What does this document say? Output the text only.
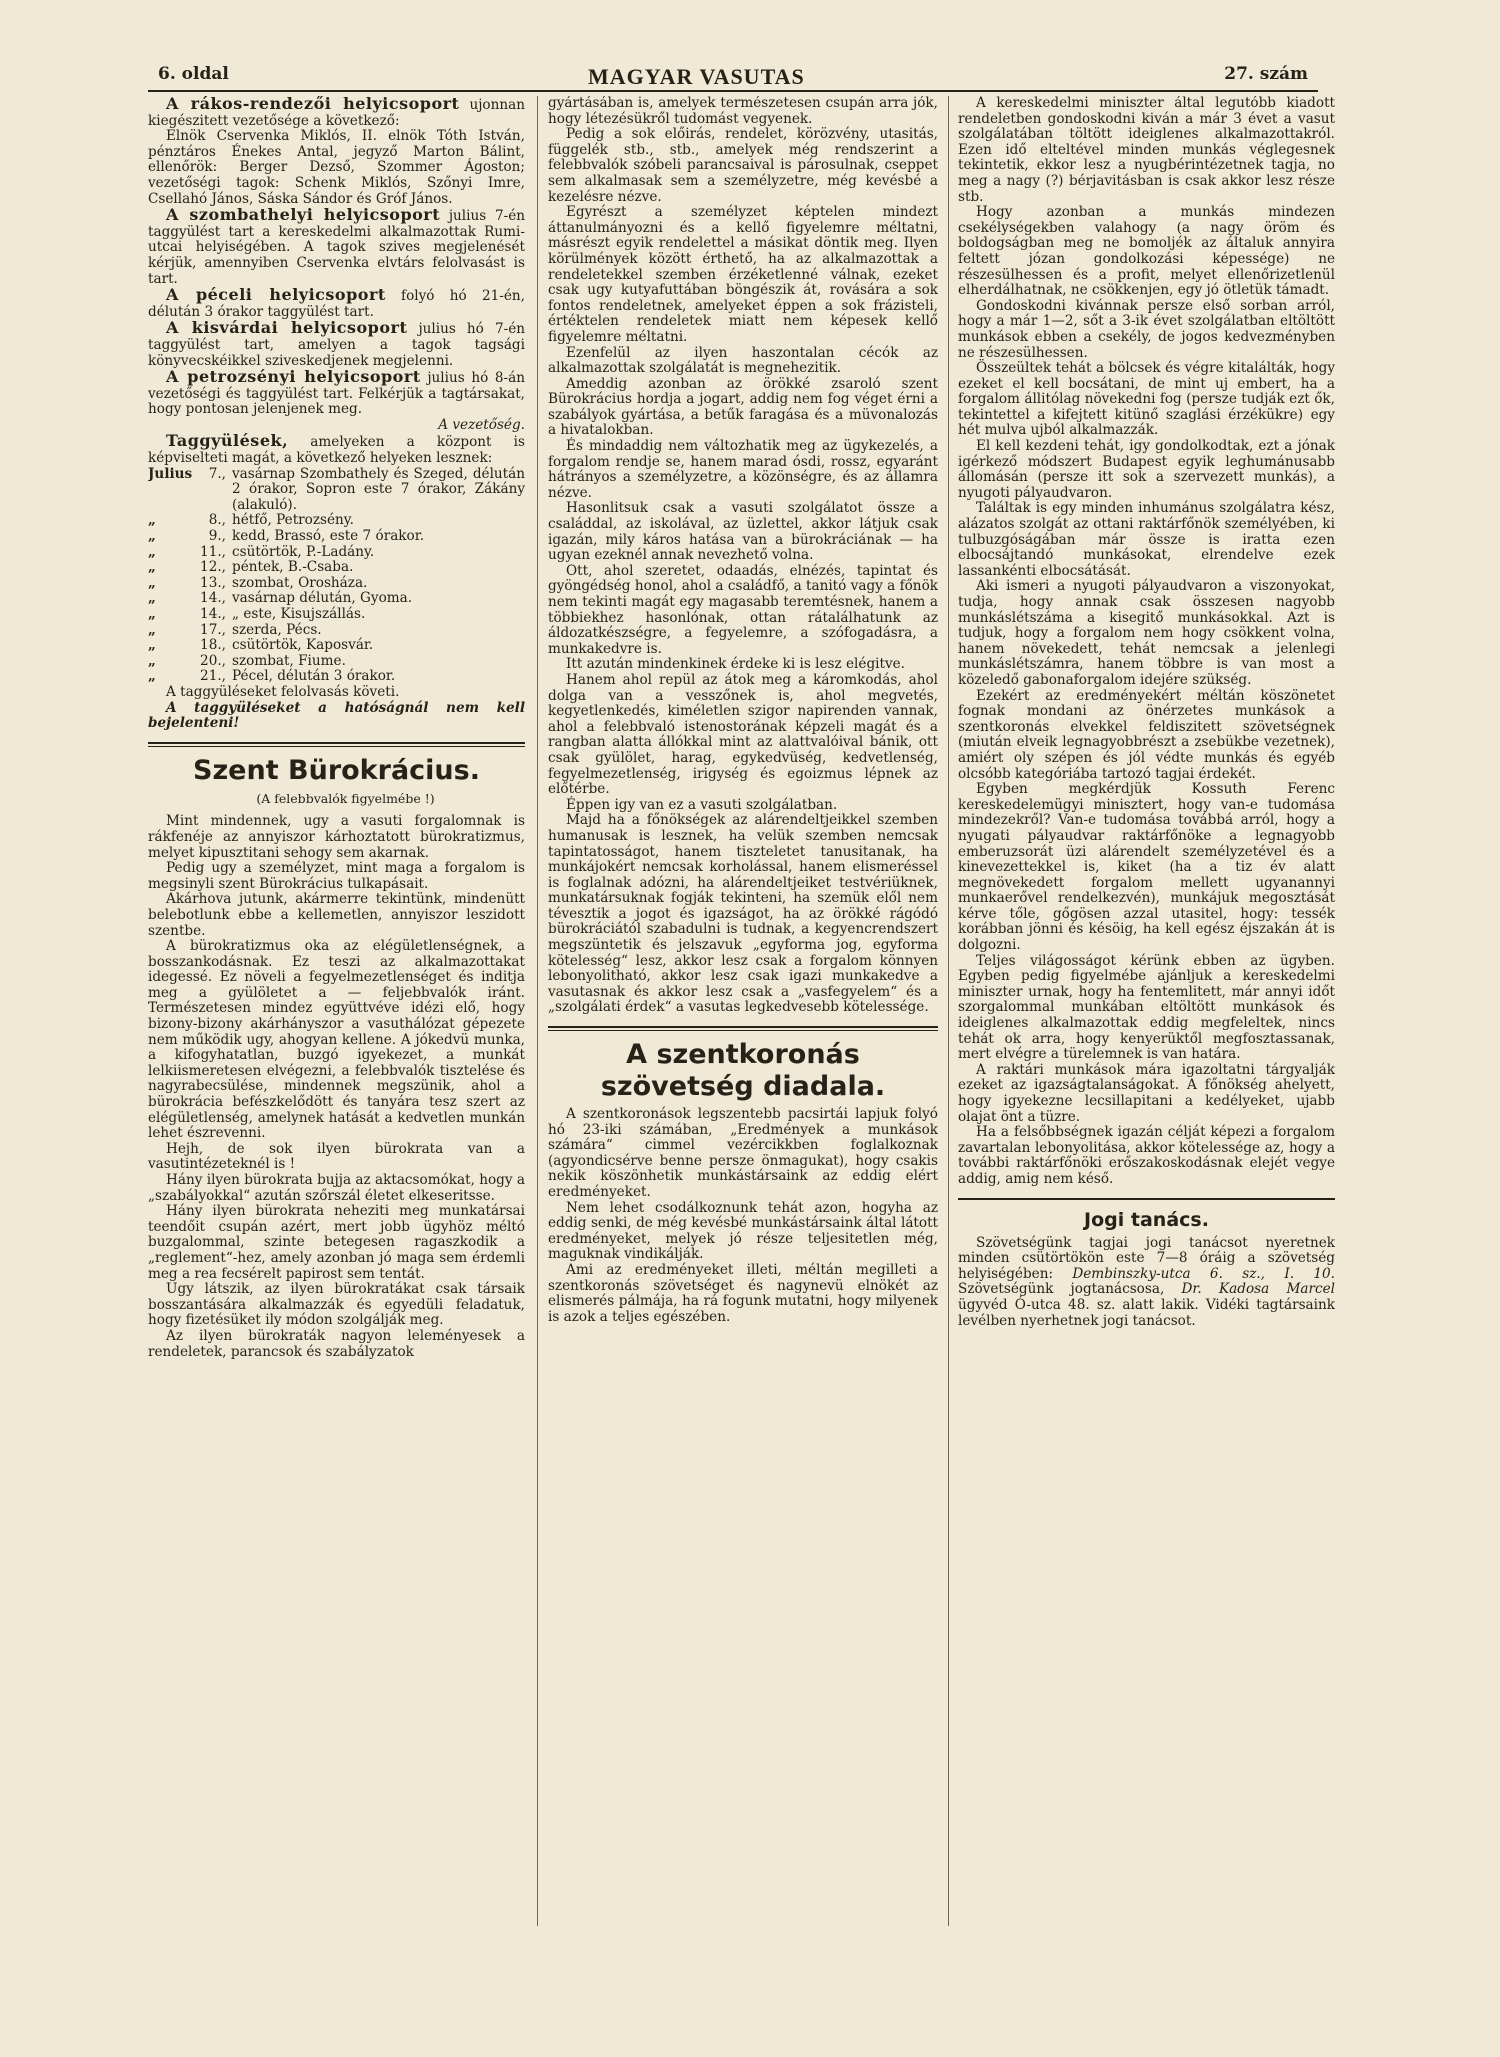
6. oldal	MAGYAR VASUTAS	27. szám

A rákos-rendezői helyicsoport ujonnan kiegészitett vezetősége a következő:

Elnök Cservenka Miklós, II. elnök Tóth István, pénztáros Énekes Antal, jegyző Marton Bálint, ellenőrök: Berger Dezső, Szommer Ágoston; vezetőségi tagok: Schenk Miklós, Szőnyi Imre, Csellahó János, Sáska Sándor és Gróf János.

A szombathelyi helyicsoport julius 7-én taggyülést tart a kereskedelmi alkalmazottak Rumi-utcai helyiségében. A tagok szives megjelenését kérjük, amennyiben Cservenka elvtárs felolvasást is tart.

A péceli helyicsoport folyó hó 21-én, délután 3 órakor taggyülést tart.

A kisvárdai helyicsoport julius hó 7-én taggyülést tart, amelyen a tagok tagsági könyvecskéikkel sziveskedjenek megjelenni.

A petrozsényi helyicsoport julius hó 8-án vezetőségi és taggyülést tart. Felkérjük a tagtársakat, hogy pontosan jelenjenek meg.

A vezetőség.

Taggyülések, amelyeken a központ is képviselteti magát, a következő helyeken lesznek:

Julius	7.,	vasárnap Szombathely és Szeged, délután 2 órakor, Sopron este 7 órakor, Zákány (alakuló).
„	8.,	hétfő, Petrozsény.
„	9.,	kedd, Brassó, este 7 órakor.
„	11.,	csütörtök, P.-Ladány.
„	12.,	péntek, B.-Csaba.
„	13.,	szombat, Orosháza.
„	14.,	vasárnap délután, Gyoma.
„	14.,	„ este, Kisujszállás.
„	17.,	szerda, Pécs.
„	18.,	csütörtök, Kaposvár.
„	20.,	szombat, Fiume.
„	21.,	Pécel, délután 3 órakor.

A taggyüléseket felolvasás követi.

A taggyüléseket a hatóságnál nem kell bejelenteni!

Szent Bürokrácius.

(A felebbvalók figyelmébe !)

Mint mindennek, ugy a vasuti forgalomnak is rákfenéje az annyiszor kárhoztatott bürokratizmus, melyet kipusztitani sehogy sem akarnak.

Pedig ugy a személyzet, mint maga a forgalom is megsinyli szent Bürokrácius tulkapásait.

Akárhova jutunk, akármerre tekintünk, mindenütt belebotlunk ebbe a kellemetlen, annyiszor leszidott szentbe.

A bürokratizmus oka az elégületlenségnek, a bosszankodásnak. Ez teszi az alkalmazottakat idegessé. Ez növeli a fegyelmezetlenséget és inditja meg a gyülöletet a — feljebbvalók iránt. Természetesen mindez együttvéve idézi elő, hogy bizony-bizony akárhányszor a vasuthálózat gépezete nem működik ugy, ahogyan kellene. A jókedvü munka, a kifogyhatatlan, buzgó igyekezet, a munkát lelkiismeretesen elvégezni, a felebbvalók tisztelése és nagyrabecsülése, mindennek megszünik, ahol a bürokrácia befészkelődött és tanyára tesz szert az elégületlenség, amelynek hatását a kedvetlen munkán lehet észrevenni.

Hejh, de sok ilyen bürokrata van a vasutintézeteknél is !

Hány ilyen bürokrata bujja az aktacsomókat, hogy a „szabályokkal“ azután szőrszál életet elkeseritsse.

Hány ilyen bürokrata neheziti meg munkatársai teendőit csupán azért, mert jobb ügyhöz méltó buzgalommal, szinte betegesen ragaszkodik a „reglement“-hez, amely azonban jó maga sem érdemli meg a rea fecsérelt papirost sem tentát.

Ugy látszik, az ilyen bürokratákat csak társaik bosszantására alkalmazzák és egyedüli feladatuk, hogy fizetésüket ily módon szolgálják meg.

Az ilyen bürokraták nagyon leleményesek a rendeletek, parancsok és szabályzatok

gyártásában is, amelyek természetesen csupán arra jók, hogy létezésükről tudomást vegyenek.

Pedig a sok előirás, rendelet, körözvény, utasitás, függelék stb., stb., amelyek még rendszerint a felebbvalók szóbeli parancsaival is párosulnak, cseppet sem alkalmasak sem a személyzetre, még kevésbé a kezelésre nézve.

Egyrészt a személyzet képtelen mindezt áttanulmányozni és a kellő figyelemre méltatni, másrészt egyik rendelettel a másikat döntik meg. Ilyen körülmények között érthető, ha az alkalmazottak a rendeletekkel szemben érzéketlenné válnak, ezeket csak ugy kutyafuttában böngészik át, rovására a sok fontos rendeletnek, amelyeket éppen a sok frázisteli, értéktelen rendeletek miatt nem képesek kellő figyelemre méltatni.

Ezenfelül az ilyen haszontalan cécók az alkalmazottak szolgálatát is megnehezitik.

Ameddig azonban az örökké zsaroló szent Bürokrácius hordja a jogart, addig nem fog véget érni a szabályok gyártása, a betűk faragása és a müvonalozás a hivatalokban.

És mindaddig nem változhatik meg az ügykezelés, a forgalom rendje se, hanem marad ósdi, rossz, egyaránt hátrányos a személyzetre, a közönségre, és az államra nézve.

Hasonlitsuk csak a vasuti szolgálatot össze a családdal, az iskolával, az üzlettel, akkor látjuk csak igazán, mily káros hatása van a bürokráciának — ha ugyan ezeknél annak nevezhető volna.

Ott, ahol szeretet, odaadás, elnézés, tapintat és gyöngédség honol, ahol a családfő, a tanitó vagy a főnök nem tekinti magát egy magasabb teremtésnek, hanem a többiekhez hasonlónak, ottan rátalálhatunk az áldozatkészségre, a fegyelemre, a szófogadásra, a munkakedvre is.

Itt azután mindenkinek érdeke ki is lesz elégitve.

Hanem ahol repül az átok meg a káromkodás, ahol dolga van a vesszőnek is, ahol megvetés, kegyetlenkedés, kiméletlen szigor napirenden vannak, ahol a felebbvaló istenostorának képzeli magát és a rangban alatta állókkal mint az alattvalóival bánik, ott csak gyülölet, harag, egykedvüség, kedvetlenség, fegyelmezetlenség, irigység és egoizmus lépnek az előtérbe.

Éppen igy van ez a vasuti szolgálatban.

Majd ha a főnökségek az alárendeltjeikkel szemben humanusak is lesznek, ha velük szemben nemcsak tapintatosságot, hanem tiszteletet tanusitanak, ha munkájokért nemcsak korholással, hanem elismeréssel is foglalnak adózni, ha alárendeltjeiket testvériüknek, munkatársuknak fogják tekinteni, ha szemük elől nem tévesztik a jogot és igazságot, ha az örökké rágódó bürokráciától szabadulni is tudnak, a kegyencrendszert megszüntetik és jelszavuk „egyforma jog, egyforma kötelesség“ lesz, akkor lesz csak a forgalom könnyen lebonyolitható, akkor lesz csak igazi munkakedve a vasutasnak és akkor lesz csak a „vasfegyelem“ és a „szolgálati érdek“ a vasutas legkedvesebb kötelessége.

A szentkoronás szövetség diadala.

A szentkoronások legszentebb pacsirtái lapjuk folyó hó 23-iki számában, „Eredmények a munkások számára“ cimmel vezércikkben foglalkoznak (agyondicsérve benne persze önmagukat), hogy csakis nekik köszönhetik munkástársaink az eddig elért eredményeket.

Nem lehet csodálkoznunk tehát azon, hogyha az eddig senki, de még kevésbé munkástársaink által látott eredményeket, melyek jó része teljesitetlen még, maguknak vindikálják.

Ami az eredményeket illeti, méltán megilleti a szentkoronás szövetséget és nagynevü elnökét az elismerés pálmája, ha rá fogunk mutatni, hogy milyenek is azok a teljes egészében.

A kereskedelmi miniszter által legutóbb kiadott rendeletben gondoskodni kiván a már 3 évet a vasut szolgálatában töltött ideiglenes alkalmazottakról. Ezen idő elteltével minden munkás véglegesnek tekintetik, ekkor lesz a nyugbérintézetnek tagja, no meg a nagy (?) bérjavitásban is csak akkor lesz része stb.

Hogy azonban a munkás mindezen csekélységekben valahogy (a nagy öröm és boldogságban meg ne bomoljék az általuk annyira feltett józan gondolkozási képessége) ne részesülhessen és a profit, melyet ellenőrizetlenül elherdálhatnak, ne csökkenjen, egy jó ötletük támadt.

Gondoskodni kivánnak persze első sorban arról, hogy a már 1—2, sőt a 3-ik évet szolgálatban eltöltött munkások ebben a csekély, de jogos kedvezményben ne részesülhessen.

Összeültek tehát a bölcsek és végre kitalálták, hogy ezeket el kell bocsátani, de mint uj embert, ha a forgalom állitólag növekedni fog (persze tudják ezt ők, tekintettel a kifejtett kitünő szaglási érzékükre) egy hét mulva ujból alkalmazzák.

El kell kezdeni tehát, igy gondolkodtak, ezt a jónak igérkező módszert Budapest egyik leghumánusabb állomásán (persze itt sok a szervezett munkás), a nyugoti pályaudvaron.

Találtak is egy minden inhumánus szolgálatra kész, alázatos szolgát az ottani raktárfőnök személyében, ki tulbuzgóságában már össze is iratta ezen elbocsájtandó munkásokat, elrendelve ezek lassankénti elbocsátását.

Aki ismeri a nyugoti pályaudvaron a viszonyokat, tudja, hogy annak csak összesen nagyobb munkáslétszáma a kisegitő munkásokkal. Azt is tudjuk, hogy a forgalom nem hogy csökkent volna, hanem növekedett, tehát nemcsak a jelenlegi munkáslétszámra, hanem többre is van most a közeledő gabonaforgalom idejére szükség.

Ezekért az eredményekért méltán köszönetet fognak mondani az önérzetes munkások a szentkoronás elvekkel feldiszitett szövetségnek (miután elveik legnagyobbrészt a zsebükbe vezetnek), amiért oly szépen és jól védte munkás és egyéb olcsóbb kategóriába tartozó tagjai érdekét.

Egyben megkérdjük Kossuth Ferenc kereskedelemügyi minisztert, hogy van-e tudomása mindezekről? Van-e tudomása továbbá arról, hogy a nyugati pályaudvar raktárfőnöke a legnagyobb emberuzsorát üzi alárendelt személyzetével és a kinevezettekkel is, kiket (ha a tiz év alatt megnövekedett forgalom mellett ugyanannyi munkaerővel rendelkezvén), munkájuk megosztását kérve tőle, gőgösen azzal utasitel, hogy: tessék korábban jönni és késöig, ha kell egész éjszakán át is dolgozni.

Teljes világosságot kérünk ebben az ügyben. Egyben pedig figyelmébe ajánljuk a kereskedelmi miniszter urnak, hogy ha fentemlitett, már annyi időt szorgalommal munkában eltöltött munkások és ideiglenes alkalmazottak eddig megfeleltek, nincs tehát ok arra, hogy kenyerüktől megfosztassanak, mert elvégre a türelemnek is van határa.

A raktári munkások mára igazoltatni tárgyalják ezeket az igazságtalanságokat. A főnökség ahelyett, hogy igyekezne lecsillapitani a kedélyeket, ujabb olajat önt a tüzre.

Ha a felsőbbségnek igazán célját képezi a forgalom zavartalan lebonyolitása, akkor kötelessége az, hogy a további raktárfőnöki erőszakoskodásnak elejét vegye addig, amig nem késő.

Jogi tanács.

Szövetségünk tagjai jogi tanácsot nyeretnek minden csütörtökön este 7—8 óráig a szövetség helyiségében: Dembinszky-utca 6. sz., I. 10. Szövetségünk jogtanácsosa, Dr. Kadosa Marcel ügyvéd Ó-utca 48. sz. alatt lakik. Vidéki tagtársaink levélben nyerhetnek jogi tanácsot.
